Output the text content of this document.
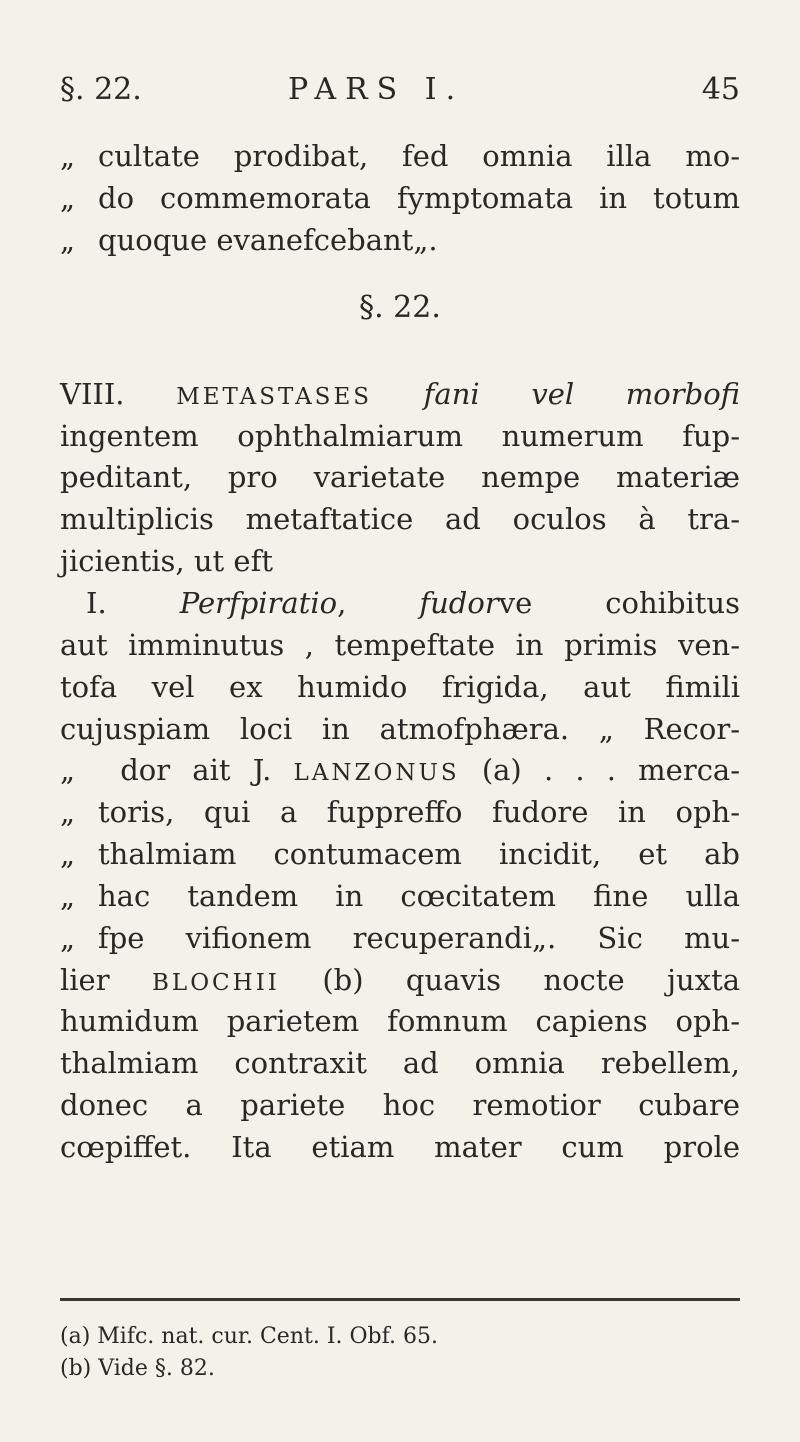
§. 22.	PARS I.	45
„ cultate prodibat, fed omnia illa mo-
„ do commemorata fymptomata in totum
„ quoque evanefcebant„.
§. 22.
VIII. METASTASES fani vel morbofi
ingentem ophthalmiarum numerum fup-
peditant, pro varietate nempe materiæ
multiplicis metaftatice ad oculos à tra-
jicientis, ut eft
I.	Perfpiratio,	fudorve cohibitus
aut imminutus , tempeftate in primis ven-
tofa vel ex humido frigida, aut fimili
cujuspiam loci in atmofphæra. „ Recor-
„ dor ait J. LANZONUS (a) . . . merca-
„ toris, qui a fuppreffo fudore in oph-
„ thalmiam contumacem incidit, et ab
„ hac tandem in cœcitatem fine ulla
„ fpe vifionem recuperandi„. Sic mu-
lier BLOCHII (b) quavis nocte juxta
humidum parietem fomnum capiens oph-
thalmiam contraxit ad omnia rebellem,
donec a pariete hoc remotior cubare
cœpiffet. Ita etiam mater cum prole
(a) Mifc. nat. cur. Cent. I. Obf. 65.
(b) Vide §. 82.
